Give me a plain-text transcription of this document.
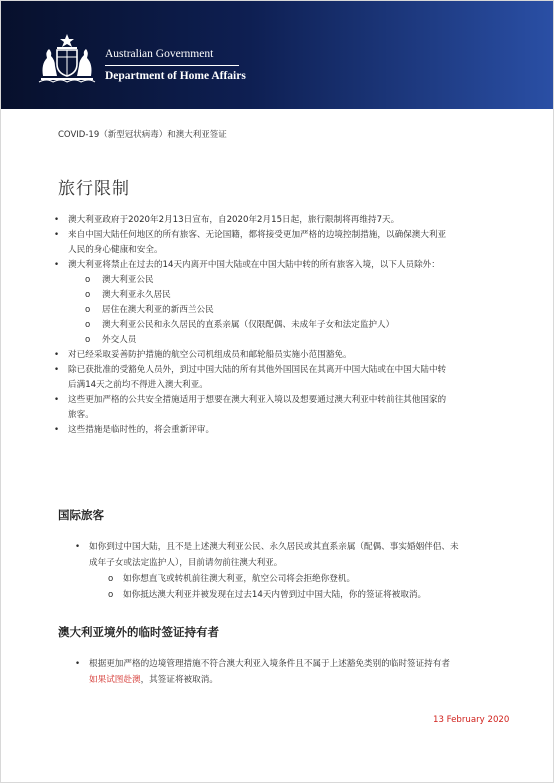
Australian Government
Department of Home Affairs
COVID-19（新型冠状病毒）和澳大利亚签证
旅行限制
• 澳大利亚政府于2020年2月13日宣布，自2020年2月15日起，旅行限制将再维持7天。
• 来自中国大陆任何地区的所有旅客、无论国籍，都将接受更加严格的边境控制措施，以确保澳大利亚
人民的身心健康和安全。
• 澳大利亚将禁止在过去的14天内离开中国大陆或在中国大陆中转的所有旅客入境，以下人员除外：
o 澳大利亚公民
o 澳大利亚永久居民
o 居住在澳大利亚的新西兰公民
o 澳大利亚公民和永久居民的直系亲属（仅限配偶、未成年子女和法定监护人）
o 外交人员
• 对已经采取妥善防护措施的航空公司机组成员和邮轮船员实施小范围豁免。
• 除已获批准的受豁免人员外，到过中国大陆的所有其他外国国民在其离开中国大陆或在中国大陆中转
后满14天之前均不得进入澳大利亚。
• 这些更加严格的公共安全措施适用于想要在澳大利亚入境以及想要通过澳大利亚中转前往其他国家的
旅客。
• 这些措施是临时性的，将会重新评审。
国际旅客
• 如你到过中国大陆，且不是上述澳大利亚公民、永久居民或其直系亲属（配偶、事实婚姻伴侣、未
成年子女或法定监护人），目前请勿前往澳大利亚。
o 如你想直飞或转机前往澳大利亚，航空公司将会拒绝你登机。
o 如你抵达澳大利亚并被发现在过去14天内曾到过中国大陆，你的签证将被取消。
澳大利亚境外的临时签证持有者
• 根据更加严格的边境管理措施不符合澳大利亚入境条件且不属于上述豁免类别的临时签证持有者
如果试图赴澳，其签证将被取消。
13 February 2020
